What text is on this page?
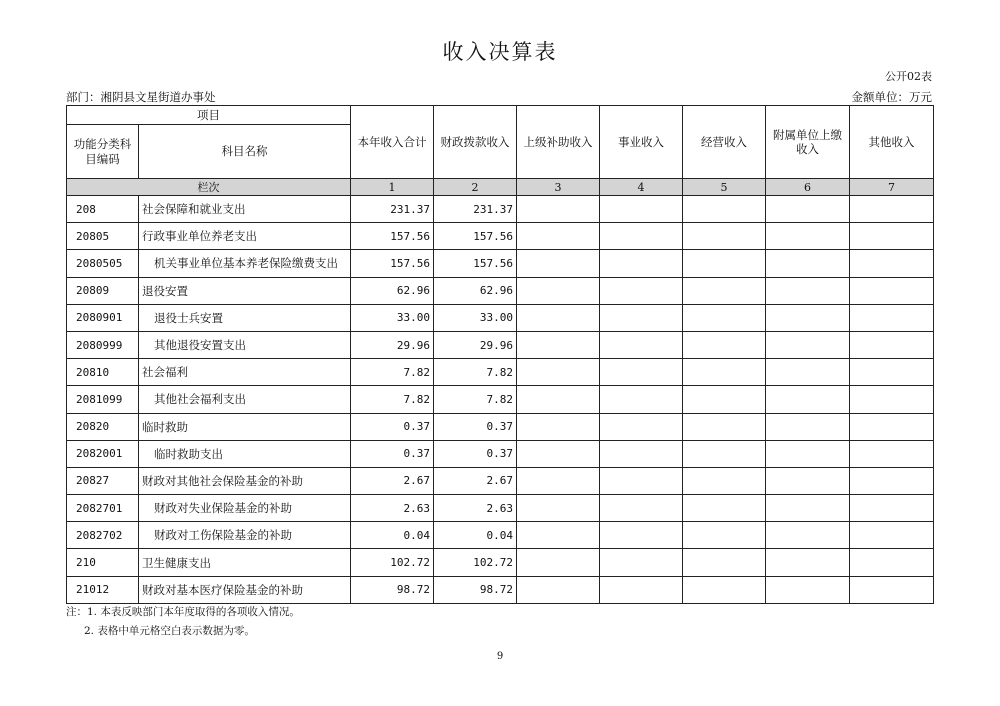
收入决算表
公开02表
部门：湘阴县文星街道办事处	金额单位：万元
项目		本年收入合计	财政拨款收入	上级补助收入	事业收入	经营收入	附属单位上缴收入	其他收入
功能分类科目编码	科目名称							
栏次		1	2	3	4	5	6	7
208	社会保障和就业支出	231.37	231.37					
20805	行政事业单位养老支出	157.56	157.56					
2080505	机关事业单位基本养老保险缴费支出	157.56	157.56					
20809	退役安置	62.96	62.96					
2080901	退役士兵安置	33.00	33.00					
2080999	其他退役安置支出	29.96	29.96					
20810	社会福利	7.82	7.82					
2081099	其他社会福利支出	7.82	7.82					
20820	临时救助	0.37	0.37					
2082001	临时救助支出	0.37	0.37					
20827	财政对其他社会保险基金的补助	2.67	2.67					
2082701	财政对失业保险基金的补助	2.63	2.63					
2082702	财政对工伤保险基金的补助	0.04	0.04					
210	卫生健康支出	102.72	102.72					
21012	财政对基本医疗保险基金的补助	98.72	98.72					
注：1. 本表反映部门本年度取得的各项收入情况。
2. 表格中单元格空白表示数据为零。
9
